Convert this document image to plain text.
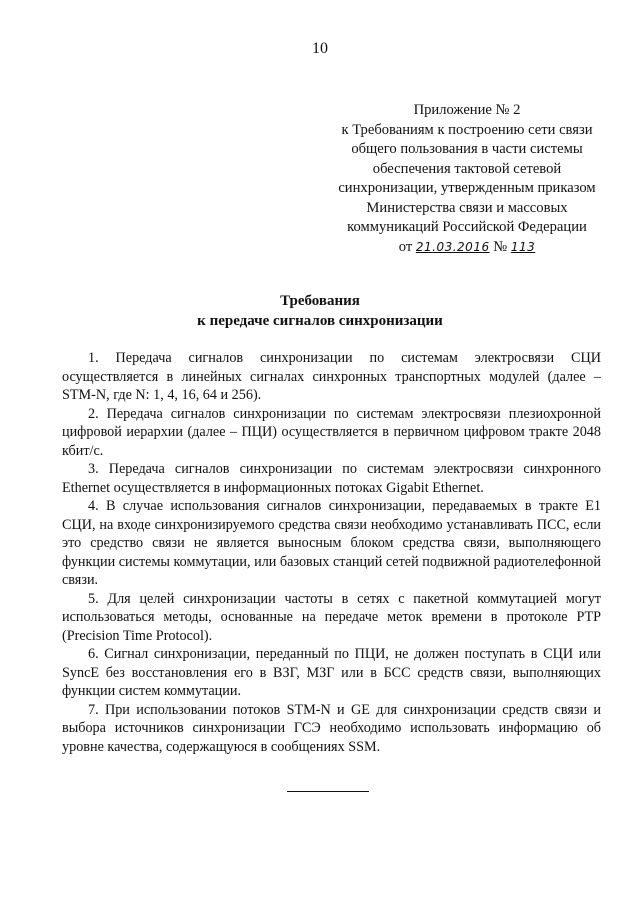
10
Приложение № 2
к Требованиям к построению сети связи
общего пользования в части системы
обеспечения тактовой сетевой
синхронизации, утвержденным приказом
Министерства связи и массовых
коммуникаций Российской Федерации
от 21.03.2016 № 113
Требования
к передаче сигналов синхронизации

1. Передача сигналов синхронизации по системам электросвязи СЦИ осуществляется в линейных сигналах синхронных транспортных модулей (далее – STM-N, где N: 1, 4, 16, 64 и 256).

2. Передача сигналов синхронизации по системам электросвязи плезиохронной цифровой иерархии (далее – ПЦИ) осуществляется в первичном цифровом тракте 2048 кбит/с.

3. Передача сигналов синхронизации по системам электросвязи синхронного Ethernet осуществляется в информационных потоках Gigabit Ethernet.

4. В случае использования сигналов синхронизации, передаваемых в тракте Е1 СЦИ, на входе синхронизируемого средства связи необходимо устанавливать ПСС, если это средство связи не является выносным блоком средства связи, выполняющего функции системы коммутации, или базовых станций сетей подвижной радиотелефонной связи.

5. Для целей синхронизации частоты в сетях с пакетной коммутацией могут использоваться методы, основанные на передаче меток времени в протоколе PTP (Precision Time Protocol).

6. Сигнал синхронизации, переданный по ПЦИ, не должен поступать в СЦИ или SyncE без восстановления его в ВЗГ, МЗГ или в БСС средств связи, выполняющих функции систем коммутации.

7. При использовании потоков STM-N и GE для синхронизации средств связи и выбора источников синхронизации ГСЭ необходимо использовать информацию об уровне качества, содержащуюся в сообщениях SSM.
